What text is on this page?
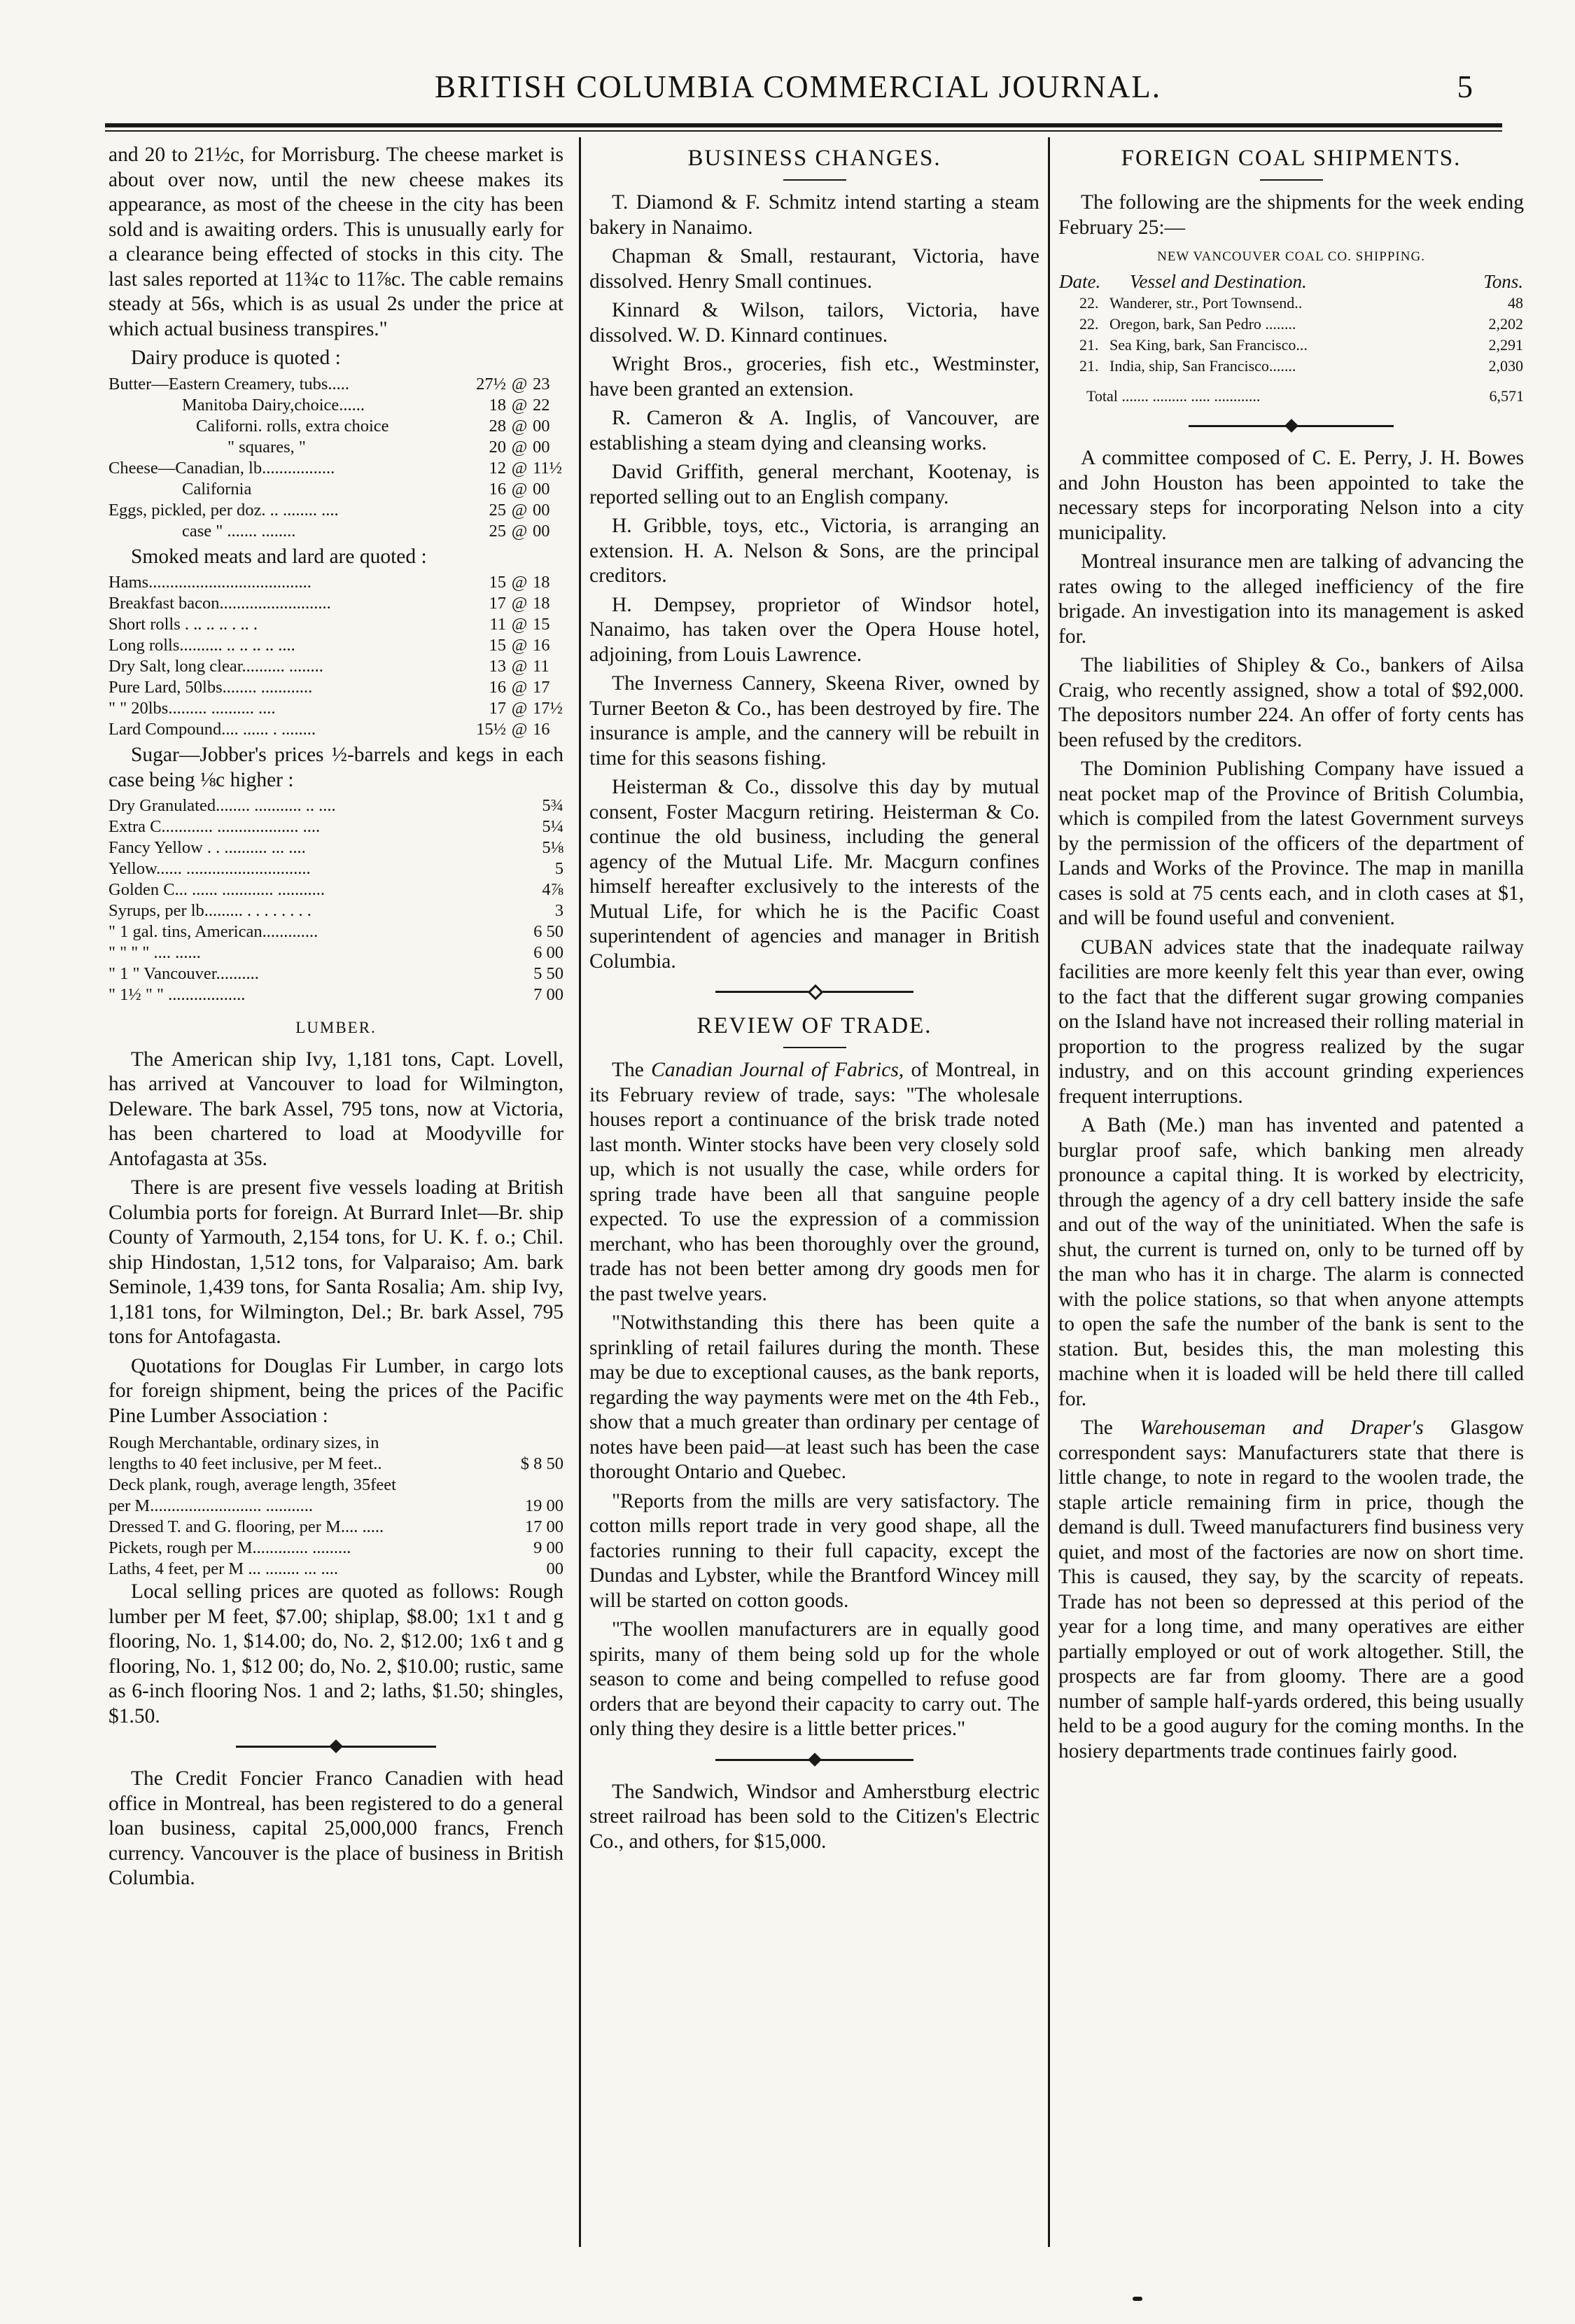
BRITISH COLUMBIA COMMERCIAL JOURNAL.	5

and 20 to 21½c, for Morrisburg. The cheese market is about over now, until the new cheese makes its appearance, as most of the cheese in the city has been sold and is awaiting orders. This is unusually early for a clearance being effected of stocks in this city. The last sales reported at 11¾c to 11⅞c. The cable remains steady at 56s, which is as usual 2s under the price at which actual business transpires."

Dairy produce is quoted :
Butter—Eastern Creamery, tubs.....	27½ @ 23
Manitoba Dairy,choice......	18 @ 22
Californi. rolls, extra choice	28 @ 00
" squares, "	20 @ 00
Cheese—Canadian, lb.................	12 @ 11½
California	16 @ 00
Eggs, pickled, per doz. .. ........ ....	25 @ 00
case " ....... ........	25 @ 00
Smoked meats and lard are quoted :
Hams......................................	15 @ 18
Breakfast bacon..........................	17 @ 18
Short rolls . .. .. .. . .. .	11 @ 15
Long rolls.......... .. .. .. .. ....	15 @ 16
Dry Salt, long clear.......... ........	13 @ 11
Pure Lard, 50lbs........ ............	16 @ 17
" " 20lbs......... .......... ....	17 @ 17½
Lard Compound.... ...... . ........	15½ @ 16
Sugar—Jobber's prices ½-barrels and kegs in each case being ⅛c higher :
Dry Granulated........ ........... .. ....	5¾
Extra C............ ................... ....	5¼
Fancy Yellow . . .......... ... ....	5⅛
Yellow...... .............................	5
Golden C... ...... ............ ...........	4⅞
Syrups, per lb......... . . . . . . . .	3
" 1 gal. tins, American.............	6 50
" " " " .... ......	6 00
" 1 " Vancouver..........	5 50
" 1½ " " ..................	7 00
LUMBER.

The American ship Ivy, 1,181 tons, Capt. Lovell, has arrived at Vancouver to load for Wilmington, Deleware. The bark Assel, 795 tons, now at Victoria, has been chartered to load at Moodyville for Antofagasta at 35s.

There is are present five vessels loading at British Columbia ports for foreign. At Burrard Inlet—Br. ship County of Yarmouth, 2,154 tons, for U. K. f. o.; Chil. ship Hindostan, 1,512 tons, for Valparaiso; Am. bark Seminole, 1,439 tons, for Santa Rosalia; Am. ship Ivy, 1,181 tons, for Wilmington, Del.; Br. bark Assel, 795 tons for Antofagasta.

Quotations for Douglas Fir Lumber, in cargo lots for foreign shipment, being the prices of the Pacific Pine Lumber Association :

Rough Merchantable, ordinary sizes, in
lengths to 40 feet inclusive, per M feet..	$ 8 50
Deck plank, rough, average length, 35feet
per M.......................... ...........	19 00
Dressed T. and G. flooring, per M.... .....	17 00
Pickets, rough per M............. .........	9 00
Laths, 4 feet, per M ... ........ ... ....	00

Local selling prices are quoted as follows: Rough lumber per M feet, $7.00; shiplap, $8.00; 1x1 t and g flooring, No. 1, $14.00; do, No. 2, $12.00; 1x6 t and g flooring, No. 1, $12 00; do, No. 2, $10.00; rustic, same as 6-inch flooring Nos. 1 and 2; laths, $1.50; shingles, $1.50.

The Credit Foncier Franco Canadien with head office in Montreal, has been registered to do a general loan business, capital 25,000,000 francs, French currency. Vancouver is the place of business in British Columbia.

BUSINESS CHANGES.

T. Diamond & F. Schmitz intend starting a steam bakery in Nanaimo.

Chapman & Small, restaurant, Victoria, have dissolved. Henry Small continues.

Kinnard & Wilson, tailors, Victoria, have dissolved. W. D. Kinnard continues.

Wright Bros., groceries, fish etc., Westminster, have been granted an extension.

R. Cameron & A. Inglis, of Vancouver, are establishing a steam dying and cleansing works.

David Griffith, general merchant, Kootenay, is reported selling out to an English company.

H. Gribble, toys, etc., Victoria, is arranging an extension. H. A. Nelson & Sons, are the principal creditors.

H. Dempsey, proprietor of Windsor hotel, Nanaimo, has taken over the Opera House hotel, adjoining, from Louis Lawrence.

The Inverness Cannery, Skeena River, owned by Turner Beeton & Co., has been destroyed by fire. The insurance is ample, and the cannery will be rebuilt in time for this seasons fishing.

Heisterman & Co., dissolve this day by mutual consent, Foster Macgurn retiring. Heisterman & Co. continue the old business, including the general agency of the Mutual Life. Mr. Macgurn confines himself hereafter exclusively to the interests of the Mutual Life, for which he is the Pacific Coast superintendent of agencies and manager in British Columbia.

REVIEW OF TRADE.

The Canadian Journal of Fabrics, of Montreal, in its February review of trade, says: "The wholesale houses report a continuance of the brisk trade noted last month. Winter stocks have been very closely sold up, which is not usually the case, while orders for spring trade have been all that sanguine people expected. To use the expression of a commission merchant, who has been thoroughly over the ground, trade has not been better among dry goods men for the past twelve years.

"Notwithstanding this there has been quite a sprinkling of retail failures during the month. These may be due to exceptional causes, as the bank reports, regarding the way payments were met on the 4th Feb., show that a much greater than ordinary per centage of notes have been paid—at least such has been the case thorought Ontario and Quebec.

"Reports from the mills are very satisfactory. The cotton mills report trade in very good shape, all the factories running to their full capacity, except the Dundas and Lybster, while the Brantford Wincey mill will be started on cotton goods.

"The woollen manufacturers are in equally good spirits, many of them being sold up for the whole season to come and being compelled to refuse good orders that are beyond their capacity to carry out. The only thing they desire is a little better prices."

The Sandwich, Windsor and Amherstburg electric street railroad has been sold to the Citizen's Electric Co., and others, for $15,000.

FOREIGN COAL SHIPMENTS.

The following are the shipments for the week ending February 25:—

NEW VANCOUVER COAL CO. SHIPPING.
Date.	Vessel and Destination.	Tons.
22.	Wanderer, str., Port Townsend..	48
22.	Oregon, bark, San Pedro ........	2,202
21.	Sea King, bark, San Francisco...	2,291
21.	India, ship, San Francisco.......	2,030
Total ....... ......... ..... ............	6,571

A committee composed of C. E. Perry, J. H. Bowes and John Houston has been appointed to take the necessary steps for incorporating Nelson into a city municipality.

Montreal insurance men are talking of advancing the rates owing to the alleged inefficiency of the fire brigade. An investigation into its management is asked for.

The liabilities of Shipley & Co., bankers of Ailsa Craig, who recently assigned, show a total of $92,000. The depositors number 224. An offer of forty cents has been refused by the creditors.

The Dominion Publishing Company have issued a neat pocket map of the Province of British Columbia, which is compiled from the latest Government surveys by the permission of the officers of the department of Lands and Works of the Province. The map in manilla cases is sold at 75 cents each, and in cloth cases at $1, and will be found useful and convenient.

CUBAN advices state that the inadequate railway facilities are more keenly felt this year than ever, owing to the fact that the different sugar growing companies on the Island have not increased their rolling material in proportion to the progress realized by the sugar industry, and on this account grinding experiences frequent interruptions.

A Bath (Me.) man has invented and patented a burglar proof safe, which banking men already pronounce a capital thing. It is worked by electricity, through the agency of a dry cell battery inside the safe and out of the way of the uninitiated. When the safe is shut, the current is turned on, only to be turned off by the man who has it in charge. The alarm is connected with the police stations, so that when anyone attempts to open the safe the number of the bank is sent to the station. But, besides this, the man molesting this machine when it is loaded will be held there till called for.

The Warehouseman and Draper's Glasgow correspondent says: Manufacturers state that there is little change, to note in regard to the woolen trade, the staple article remaining firm in price, though the demand is dull. Tweed manufacturers find business very quiet, and most of the factories are now on short time. This is caused, they say, by the scarcity of repeats. Trade has not been so depressed at this period of the year for a long time, and many operatives are either partially employed or out of work altogether. Still, the prospects are far from gloomy. There are a good number of sample half-yards ordered, this being usually held to be a good augury for the coming months. In the hosiery departments trade continues fairly good.
